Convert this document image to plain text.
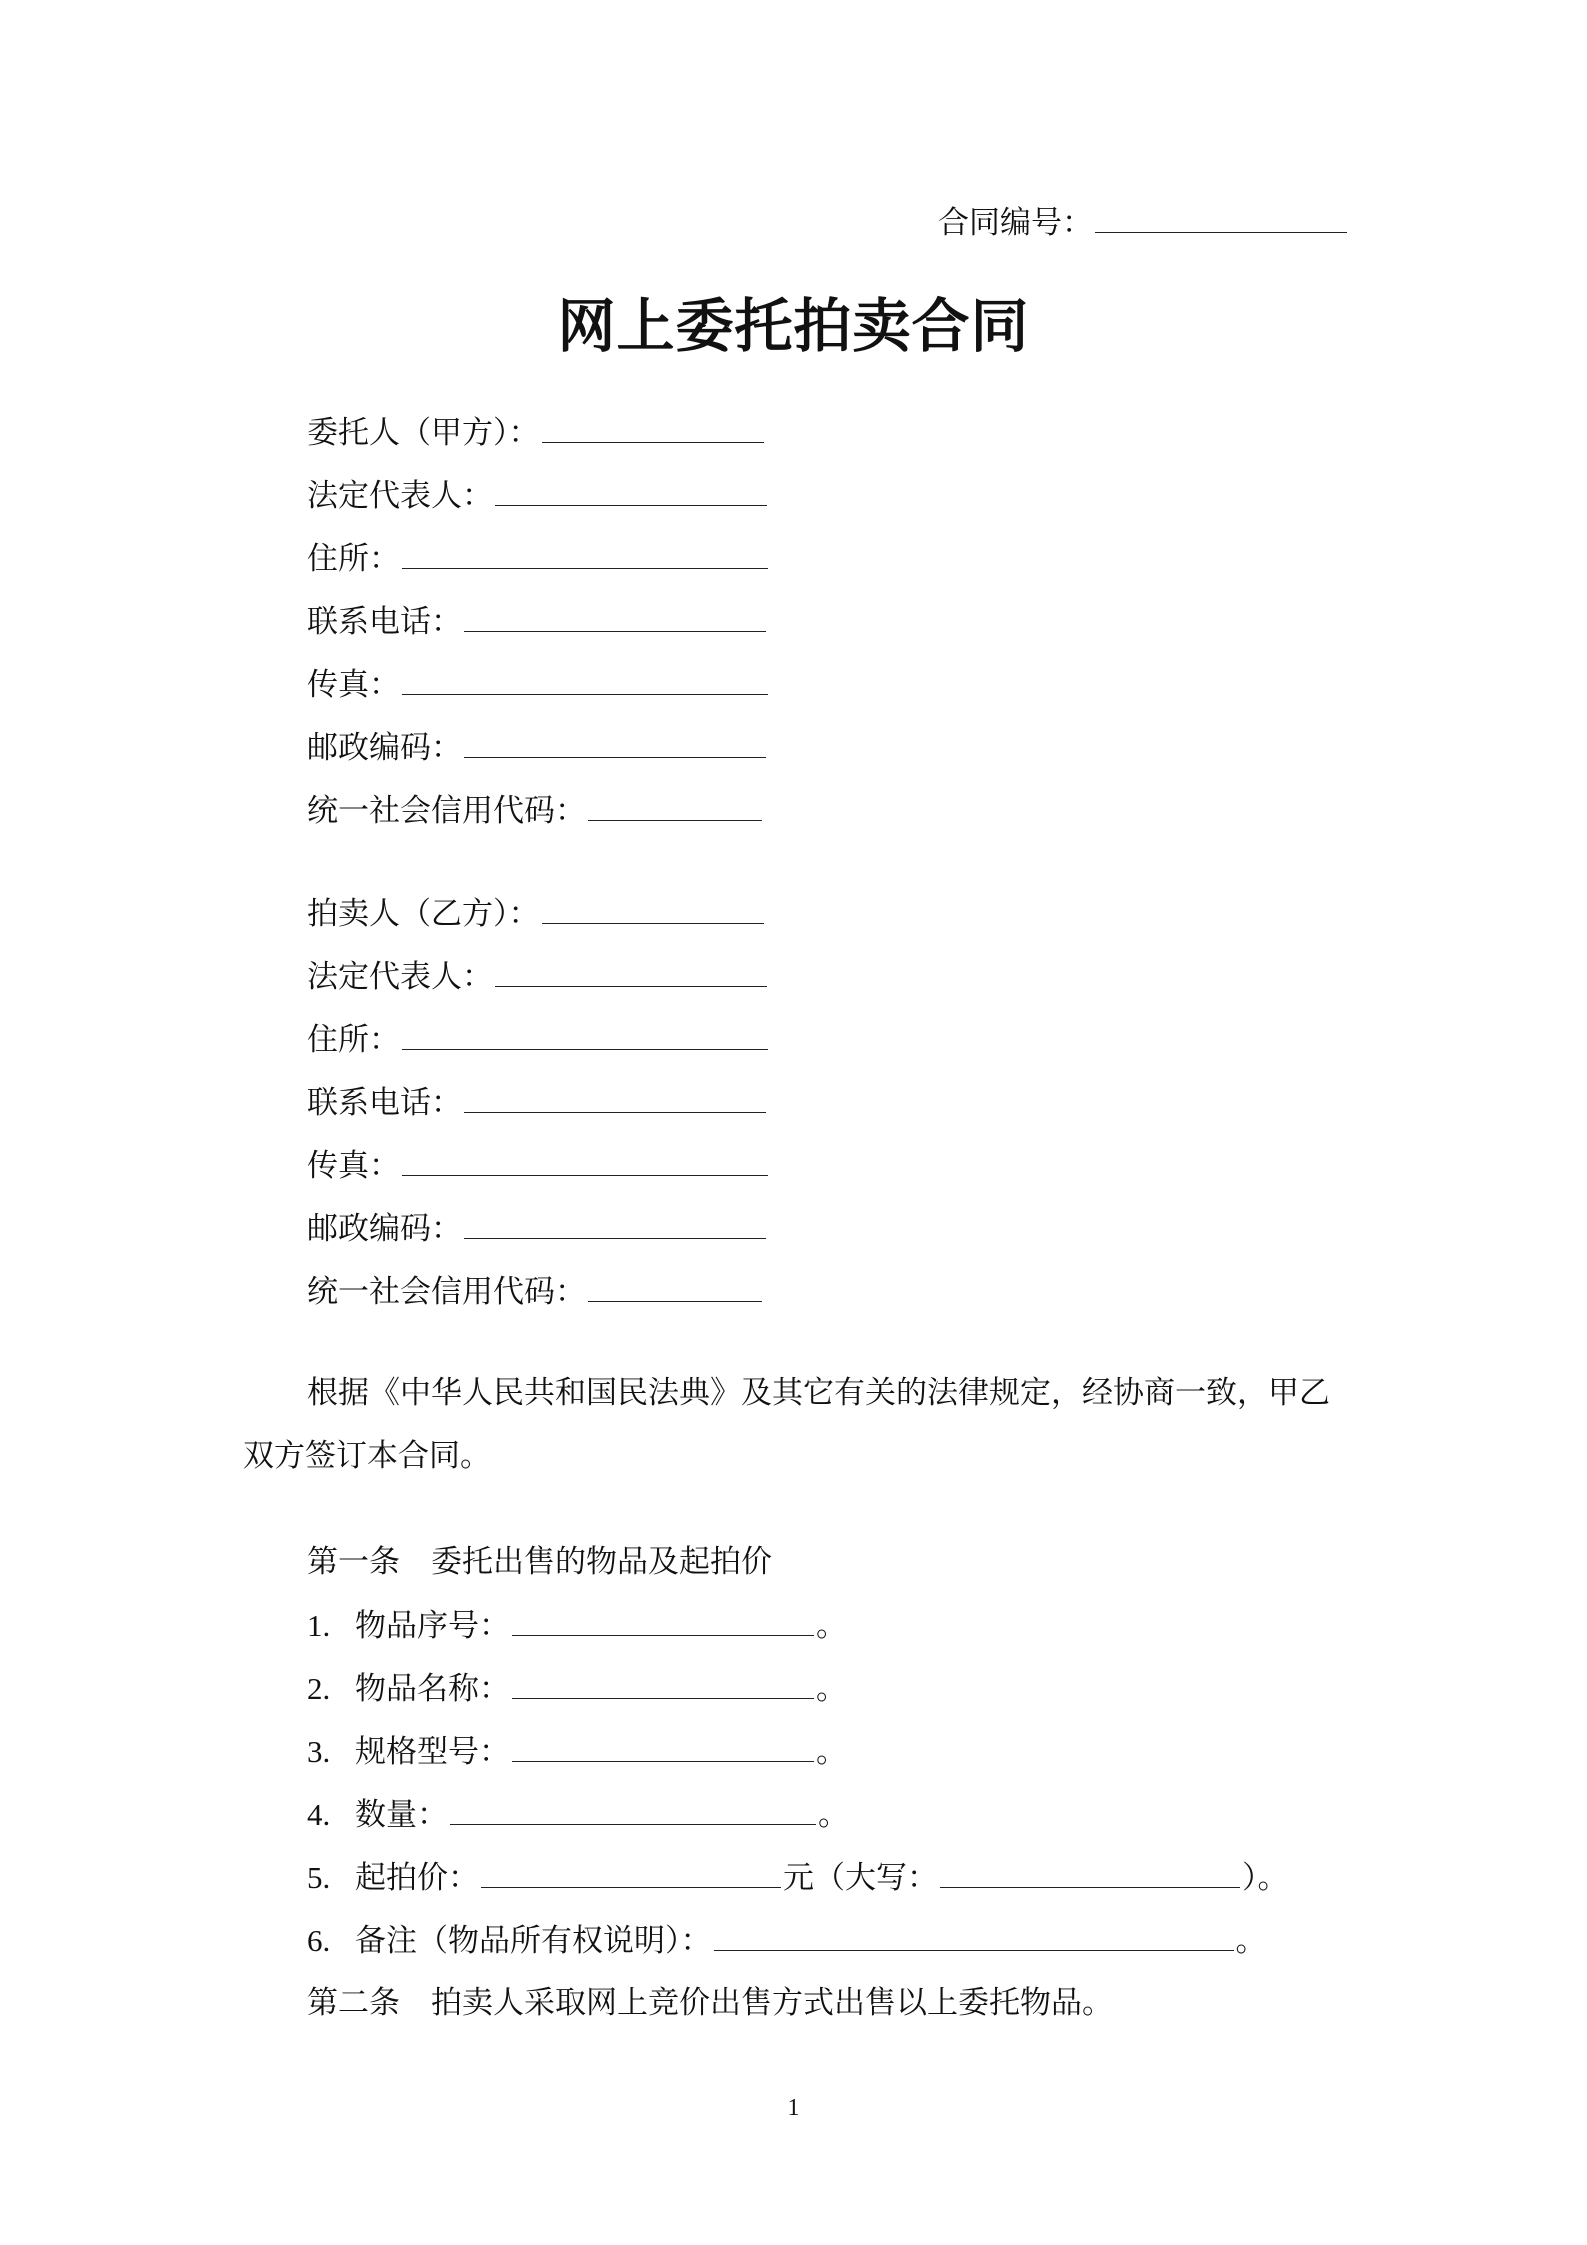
合同编号：
网上委托拍卖合同
委托人（甲方）：
法定代表人：
住所：
联系电话：
传真：
邮政编码：
统一社会信用代码：
拍卖人（乙方）：
法定代表人：
住所：
联系电话：
传真：
邮政编码：
统一社会信用代码：
根据《中华人民共和国民法典》及其它有关的法律规定，经协商一致，甲乙
双方签订本合同。
第一条　委托出售的物品及起拍价
1. 物品序号：	。
2. 物品名称：	。
3. 规格型号：	。
4. 数量：	。
5. 起拍价：	元（大写：	）。
6. 备注（物品所有权说明）：	。
第二条　拍卖人采取网上竞价出售方式出售以上委托物品。
1
